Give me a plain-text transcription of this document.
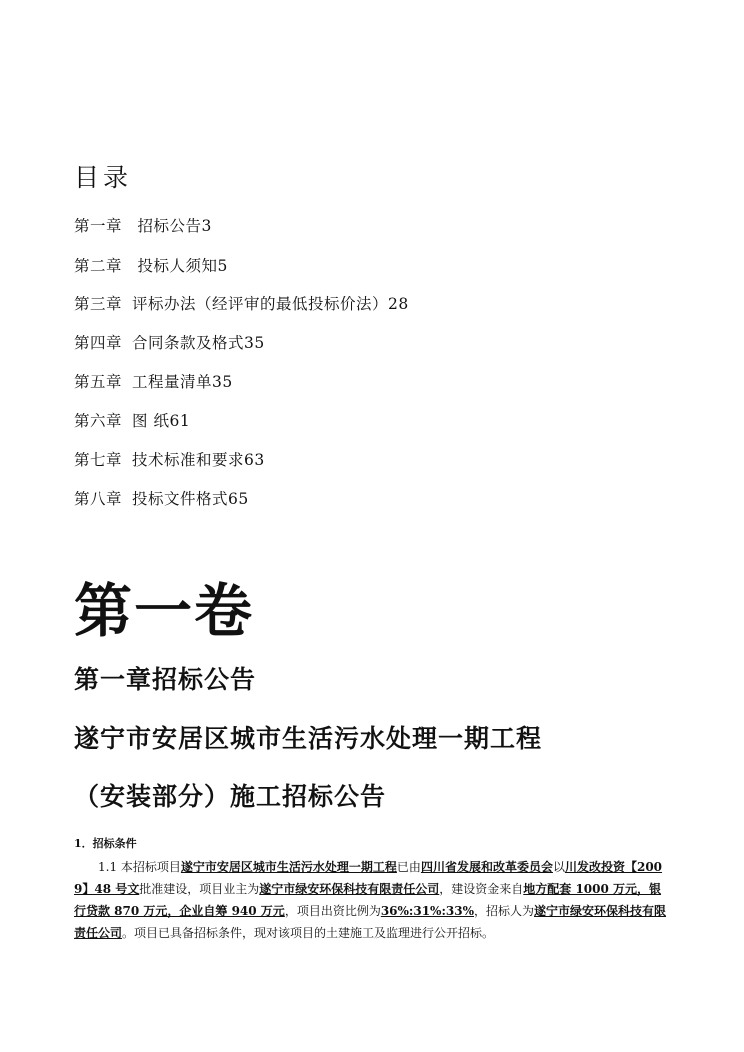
目录
第一章 招标公告3
第二章 投标人须知5
第三章 评标办法（经评审的最低投标价法）28
第四章 合同条款及格式35
第五章 工程量清单35
第六章 图 纸61
第七章 技术标准和要求63
第八章 投标文件格式65
第一卷
第一章招标公告
遂宁市安居区城市生活污水处理一期工程
（安装部分）施工招标公告
1．招标条件
1.1 本招标项目遂宁市安居区城市生活污水处理一期工程已由四川省发展和改革委员会以川发改投资【2009】48 号文批准建设，项目业主为遂宁市绿安环保科技有限责任公司，建设资金来自地方配套 1000 万元，银行贷款 870 万元，企业自筹 940 万元，项目出资比例为36%:31%:33%，招标人为遂宁市绿安环保科技有限责任公司。项目已具备招标条件，现对该项目的土建施工及监理进行公开招标。
